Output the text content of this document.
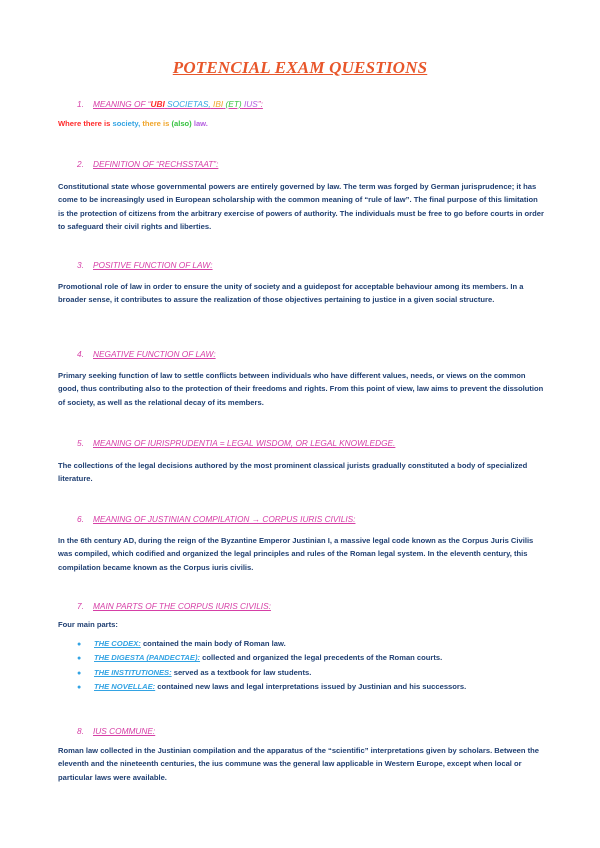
POTENCIAL EXAM QUESTIONS
1. MEANING OF “UBI SOCIETAS, IBI (ET) IUS”:
Where there is society, there is (also) law.
2. DEFINITION OF “RECHSSTAAT”:
Constitutional state whose governmental powers are entirely governed by law. The term was forged by German jurisprudence; it has come to be increasingly used in European scholarship with the common meaning of “rule of law”. The final purpose of this limitation is the protection of citizens from the arbitrary exercise of powers of authority. The individuals must be free to go before courts in order to safeguard their civil rights and liberties.
3. POSITIVE FUNCTION OF LAW:
Promotional role of law in order to ensure the unity of society and a guidepost for acceptable behaviour among its members. In a broader sense, it contributes to assure the realization of those objectives pertaining to justice in a given social structure.
4. NEGATIVE FUNCTION OF LAW:
Primary seeking function of law to settle conflicts between individuals who have different values, needs, or views on the common good, thus contributing also to the protection of their freedoms and rights. From this point of view, law aims to prevent the dissolution of society, as well as the relational decay of its members.
5. MEANING OF IURISPRUDENTIA = LEGAL WISDOM, OR LEGAL KNOWLEDGE.
The collections of the legal decisions authored by the most prominent classical jurists gradually constituted a body of specialized literature.
6. MEANING OF JUSTINIAN COMPILATION → CORPUS IURIS CIVILIS:
In the 6th century AD, during the reign of the Byzantine Emperor Justinian I, a massive legal code known as the Corpus Juris Civilis was compiled, which codified and organized the legal principles and rules of the Roman legal system. In the eleventh century, this compilation became known as the Corpus iuris civilis.
7. MAIN PARTS OF THE CORPUS IURIS CIVILIS:
Four main parts:
● THE CODEX: contained the main body of Roman law.
● THE DIGESTA (PANDECTAE): collected and organized the legal precedents of the Roman courts.
● THE INSTITUTIONES: served as a textbook for law students.
● THE NOVELLAE: contained new laws and legal interpretations issued by Justinian and his successors.
8. IUS COMMUNE:
Roman law collected in the Justinian compilation and the apparatus of the “scientific” interpretations given by scholars. Between the eleventh and the nineteenth centuries, the ius commune was the general law applicable in Western Europe, except when local or particular laws were available.
